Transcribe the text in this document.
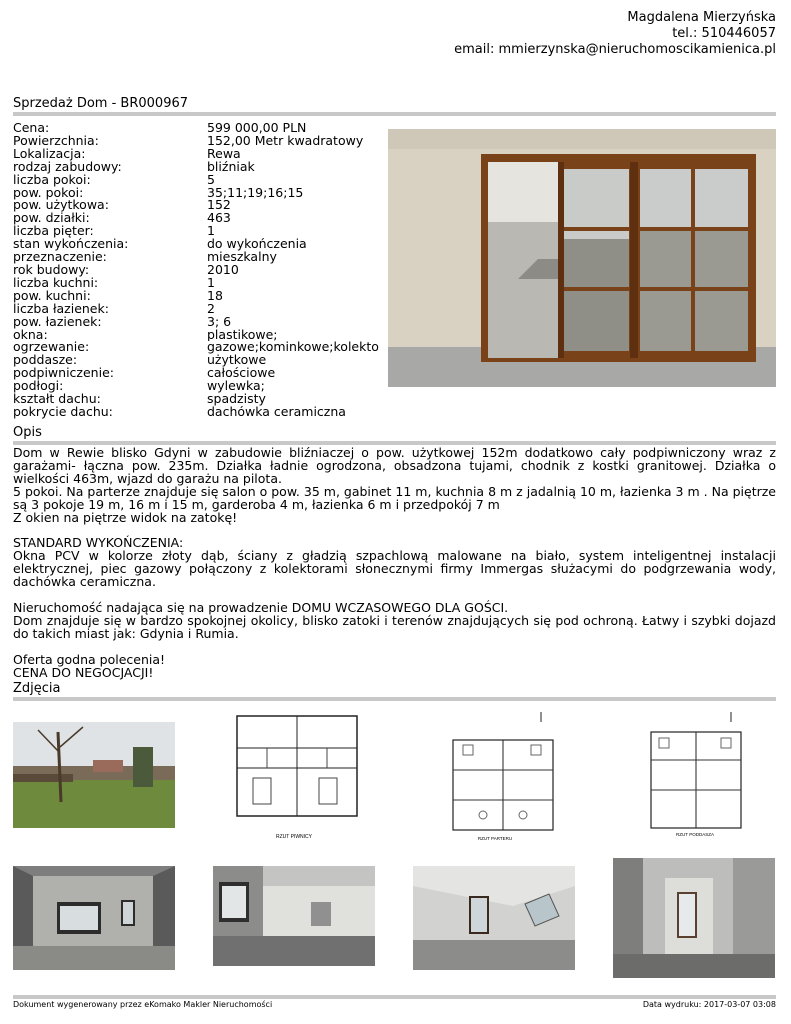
Magdalena Mierzyńska
tel.: 510446057
email: mmierzynska@nieruchomoscikamienica.pl
Sprzedaż Dom - BR000967
Cena:	599 000,00 PLN
Powierzchnia:	152,00 Metr kwadratowy
Lokalizacja:	Rewa
rodzaj zabudowy:	bliźniak
liczba pokoi:	5
pow. pokoi:	35;11;19;16;15
pow. użytkowa:	152
pow. działki:	463
liczba pięter:	1
stan wykończenia:	do wykończenia
przeznaczenie:	mieszkalny
rok budowy:	2010
liczba kuchni:	1
pow. kuchni:	18
liczba łazienek:	2
pow. łazienek:	3; 6
okna:	plastikowe;
ogrzewanie:	gazowe;kominkowe;kolekto
poddasze:	użytkowe
podpiwniczenie:	całościowe
podłogi:	wylewka;
kształt dachu:	spadzisty
pokrycie dachu:	dachówka ceramiczna
Opis

Dom w Rewie blisko Gdyni w zabudowie bliźniaczej o pow. użytkowej 152m dodatkowo cały podpiwniczony wraz z garażami- łączna pow. 235m. Działka ładnie ogrodzona, obsadzona tujami, chodnik z kostki granitowej. Działka o wielkości 463m, wjazd do garażu na pilota.

5 pokoi. Na parterze znajduje się salon o pow. 35 m, gabinet 11 m, kuchnia 8 m z jadalnią 10 m, łazienka 3 m . Na piętrze są 3 pokoje 19 m, 16 m i 15 m, garderoba 4 m, łazienka 6 m i przedpokój 7 m

Z okien na piętrze widok na zatokę!

STANDARD WYKOŃCZENIA:

Okna PCV w kolorze złoty dąb, ściany z gładzią szpachlową malowane na biało, system inteligentnej instalacji elektrycznej, piec gazowy połączony z kolektorami słonecznymi firmy Immergas służacymi do podgrzewania wody, dachówka ceramiczna.

Nieruchomość nadająca się na prowadzenie DOMU WCZASOWEGO DLA GOŚCI.

Dom znajduje się w bardzo spokojnej okolicy, blisko zatoki i terenów znajdujących się pod ochroną. Łatwy i szybki dojazd do takich miast jak: Gdynia i Rumia.

Oferta godna polecenia!

CENA DO NEGOCJACJI!

Zdjęcia
RZUT PIWNICY	RZUT PARTERU
RZUT PODDASZA
Dokument wygenerowany przez eKomako Makler Nieruchomości	Data wydruku: 2017-03-07 03:08
